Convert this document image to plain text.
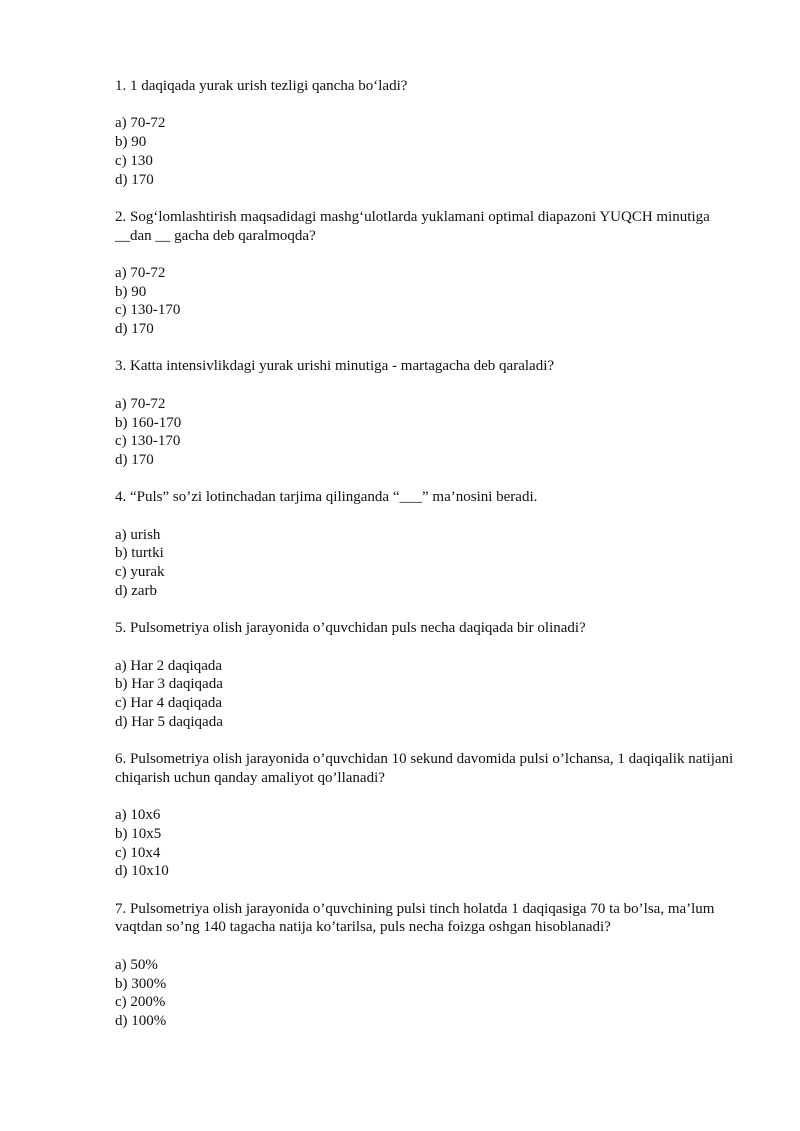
1. 1 daqiqada yurak urish tezligi qancha bo‘ladi?

a) 70-72
b) 90
c) 130
d) 170

2. Sog‘lomlashtirish maqsadidagi mashg‘ulotlarda yuklamani optimal diapazoni YUQCH minutiga __dan __ gacha deb qaralmoqda?

a) 70-72
b) 90
c) 130-170
d) 170

3. Katta intensivlikdagi yurak urishi minutiga - martagacha deb qaraladi?

a) 70-72
b) 160-170
c) 130-170
d) 170

4. “Puls” so’zi lotinchadan tarjima qilinganda “___” ma’nosini beradi.

a) urish
b) turtki
c) yurak
d) zarb

5. Pulsometriya olish jarayonida o’quvchidan puls necha daqiqada bir olinadi?

a) Har 2 daqiqada
b) Har 3 daqiqada
c) Har 4 daqiqada
d) Har 5 daqiqada

6. Pulsometriya olish jarayonida o’quvchidan 10 sekund davomida pulsi o’lchansa, 1 daqiqalik natijani chiqarish uchun qanday amaliyot qo’llanadi?

a) 10x6
b) 10x5
c) 10x4
d) 10x10

7. Pulsometriya olish jarayonida o’quvchining pulsi tinch holatda 1 daqiqasiga 70 ta bo’lsa, ma’lum vaqtdan so’ng 140 tagacha natija ko’tarilsa, puls necha foizga oshgan hisoblanadi?

a) 50%
b) 300%
c) 200%
d) 100%
